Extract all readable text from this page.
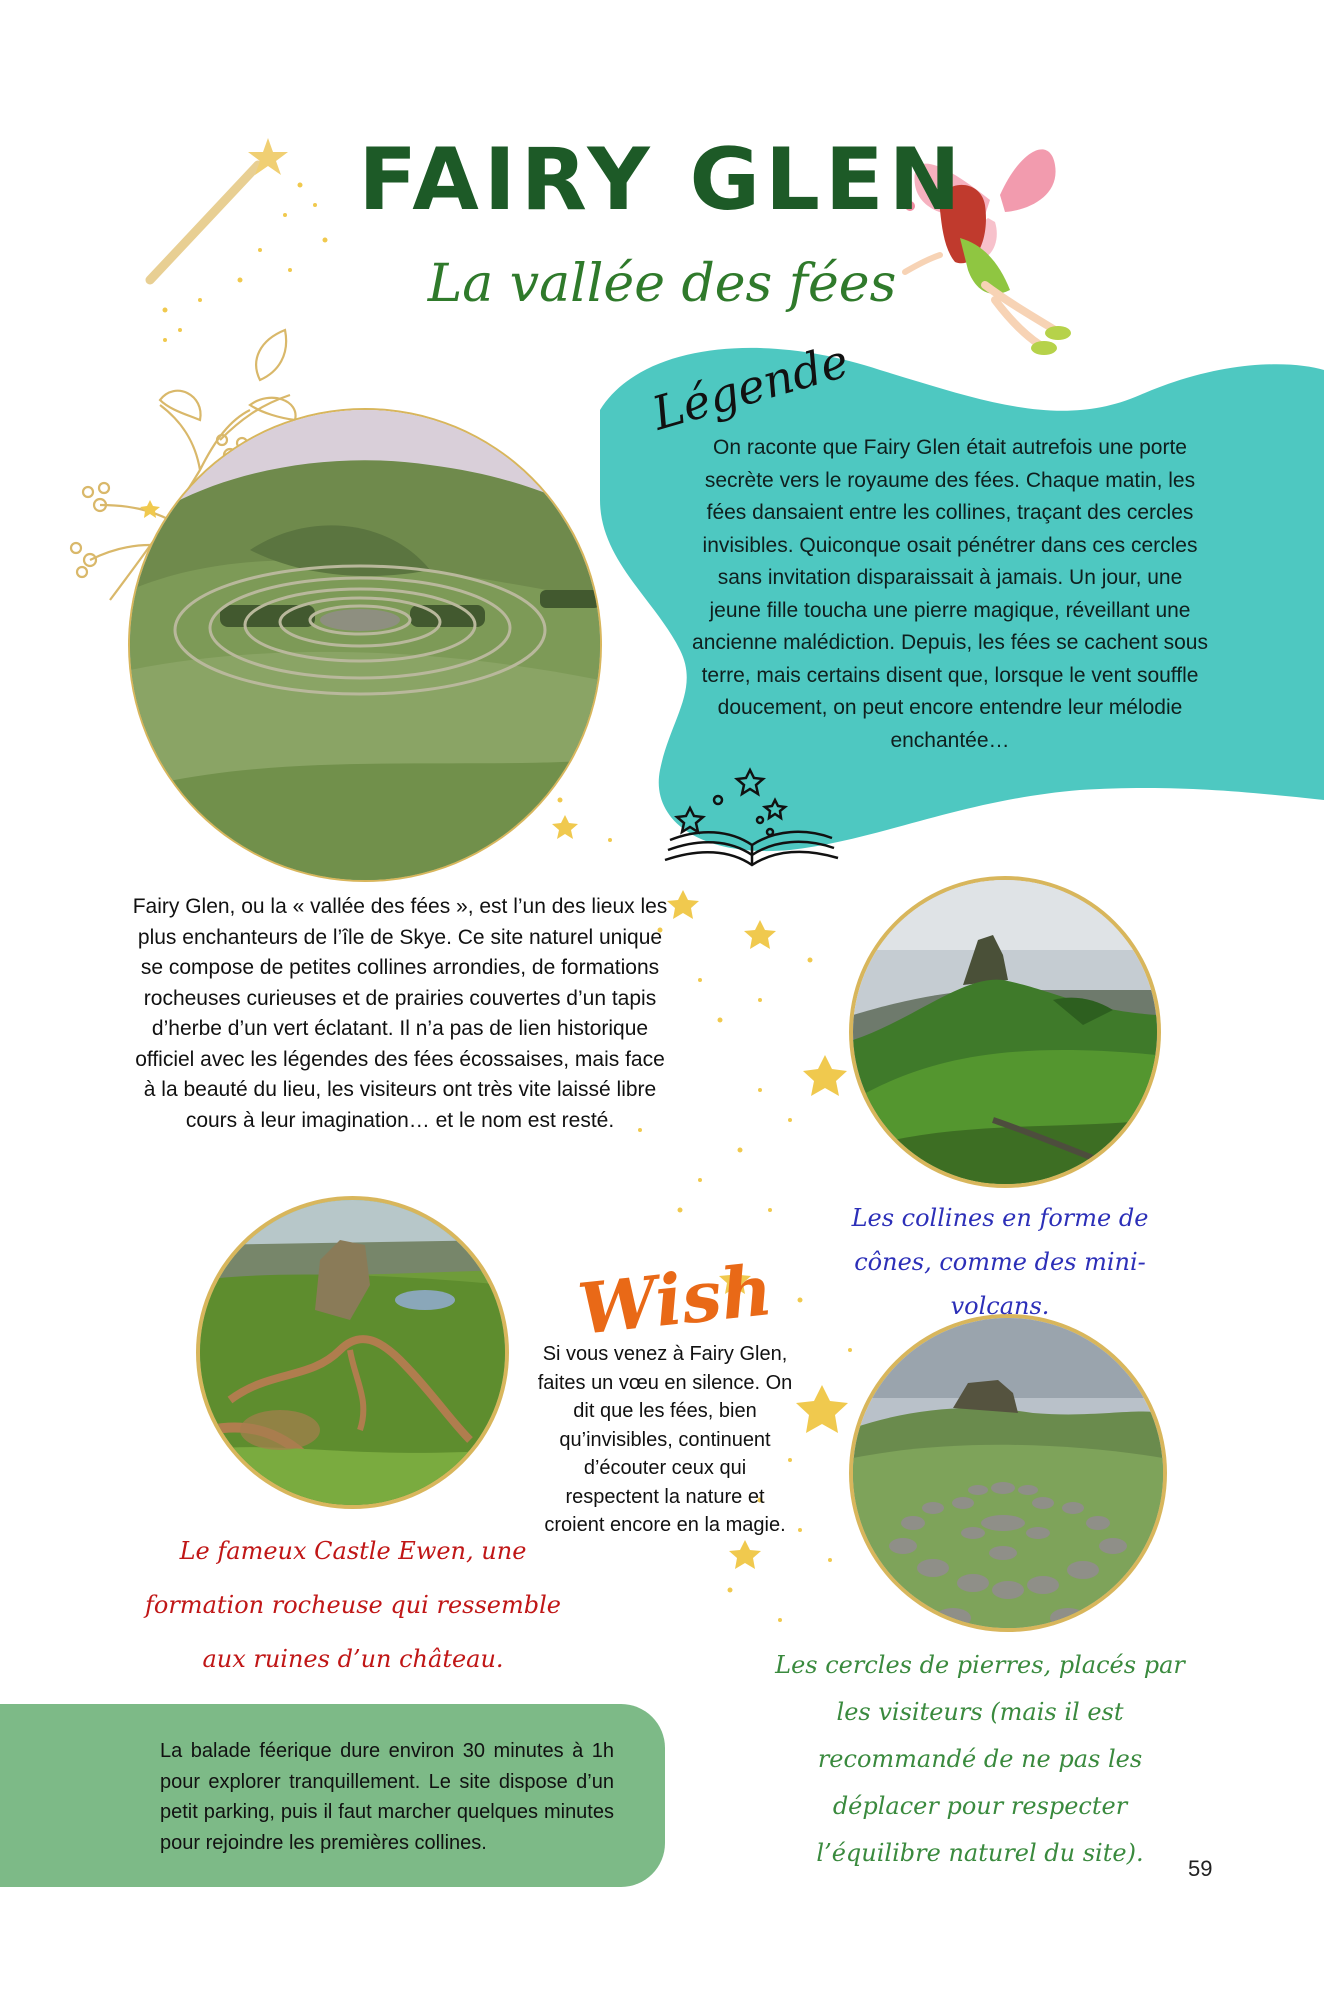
FAIRY GLEN
La vallée des fées
Légende
On raconte que Fairy Glen était autrefois une porte secrète vers le royaume des fées. Chaque matin, les fées dansaient entre les collines, traçant des cercles invisibles. Quiconque osait pénétrer dans ces cercles sans invitation disparaissait à jamais. Un jour, une jeune fille toucha une pierre magique, réveillant une ancienne malédiction. Depuis, les fées se cachent sous terre, mais certains disent que, lorsque le vent souffle doucement, on peut encore entendre leur mélodie enchantée…
Fairy Glen, ou la « vallée des fées », est l’un des lieux les plus enchanteurs de l’île de Skye. Ce site naturel unique se compose de petites collines arrondies, de formations rocheuses curieuses et de prairies couvertes d’un tapis d’herbe d’un vert éclatant. Il n’a pas de lien historique officiel avec les légendes des fées écossaises, mais face à la beauté du lieu, les visiteurs ont très vite laissé libre cours à leur imagination… et le nom est resté.
Les collines en forme de cônes, comme des mini-volcans.
Le fameux Castle Ewen, une formation rocheuse qui ressemble aux ruines d’un château.	Les cercles de pierres, placés par les visiteurs (mais il est recommandé de ne pas les déplacer pour respecter l’équilibre naturel du site).
Wish
Si vous venez à Fairy Glen, faites un vœu en silence. On dit que les fées, bien qu’invisibles, continuent d’écouter ceux qui respectent la nature et croient encore en la magie.
La balade féerique dure environ 30 minutes à 1h pour explorer tranquillement. Le site dispose d’un petit parking, puis il faut marcher quelques minutes pour rejoindre les premières collines.
59
